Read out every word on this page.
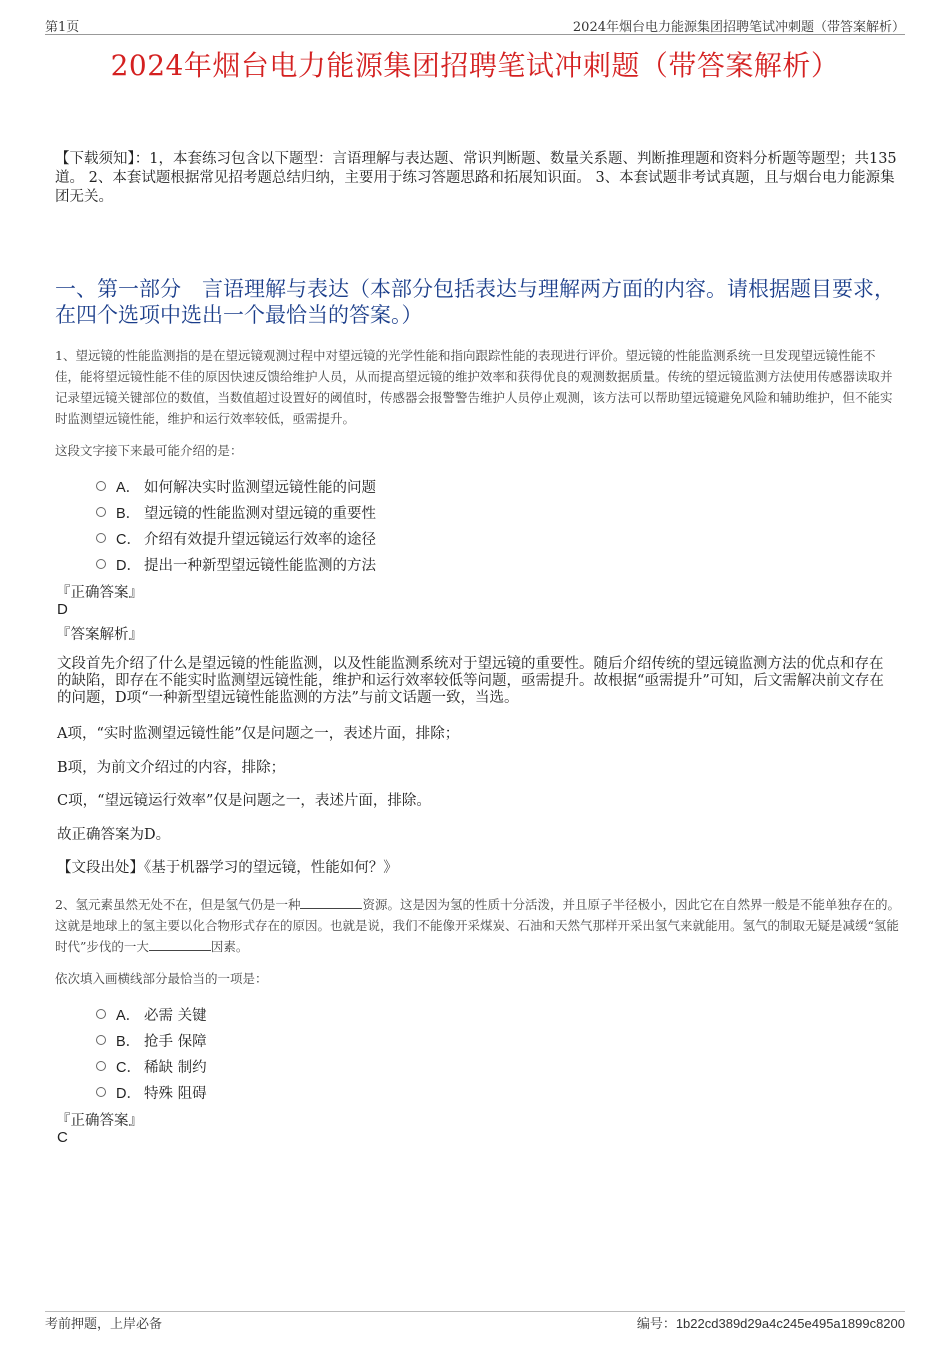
第1页	2024年烟台电力能源集团招聘笔试冲刺题（带答案解析）
2024年烟台电力能源集团招聘笔试冲刺题（带答案解析）
【下载须知】：1，本套练习包含以下题型：言语理解与表达题、常识判断题、数量关系题、判断推理题和资料分析题等题型；共135道。 2、本套试题根据常见招考题总结归纳，主要用于练习答题思路和拓展知识面。 3、本套试题非考试真题，且与烟台电力能源集团无关。
一、第一部分　言语理解与表达（本部分包括表达与理解两方面的内容。请根据题目要求，在四个选项中选出一个最恰当的答案。）
1、望远镜的性能监测指的是在望远镜观测过程中对望远镜的光学性能和指向跟踪性能的表现进行评价。望远镜的性能监测系统一旦发现望远镜性能不佳，能将望远镜性能不佳的原因快速反馈给维护人员，从而提高望远镜的维护效率和获得优良的观测数据质量。传统的望远镜监测方法使用传感器读取并记录望远镜关键部位的数值，当数值超过设置好的阈值时，传感器会报警警告维护人员停止观测，该方法可以帮助望远镜避免风险和辅助维护，但不能实时监测望远镜性能，维护和运行效率较低，亟需提升。
这段文字接下来最可能介绍的是：
A． 如何解决实时监测望远镜性能的问题
B． 望远镜的性能监测对望远镜的重要性
C． 介绍有效提升望远镜运行效率的途径
D． 提出一种新型望远镜性能监测的方法
『正确答案』
D
『答案解析』
文段首先介绍了什么是望远镜的性能监测，以及性能监测系统对于望远镜的重要性。随后介绍传统的望远镜监测方法的优点和存在的缺陷，即存在不能实时监测望远镜性能，维护和运行效率较低等问题，亟需提升。故根据“亟需提升”可知，后文需解决前文存在的问题，D项“一种新型望远镜性能监测的方法”与前文话题一致，当选。
A项，“实时监测望远镜性能”仅是问题之一，表述片面，排除；
B项，为前文介绍过的内容，排除；
C项，“望远镜运行效率”仅是问题之一，表述片面，排除。
故正确答案为D。
【文段出处】《基于机器学习的望远镜，性能如何？》
2、氢元素虽然无处不在，但是氢气仍是一种	资源。这是因为氢的性质十分活泼，并且原子半径极小，因此它在自然界一般是不能单独存在的。这就是地球上的氢主要以化合物形式存在的原因。也就是说，我们不能像开采煤炭、石油和天然气那样开采出氢气来就能用。氢气的制取无疑是减缓“氢能时代”步伐的一大	因素。
依次填入画横线部分最恰当的一项是：
A． 必需 关键
B． 抢手 保障
C． 稀缺 制约
D． 特殊 阻碍
『正确答案』
C
考前押题，上岸必备	编号：1b22cd389d29a4c245e495a1899c8200
